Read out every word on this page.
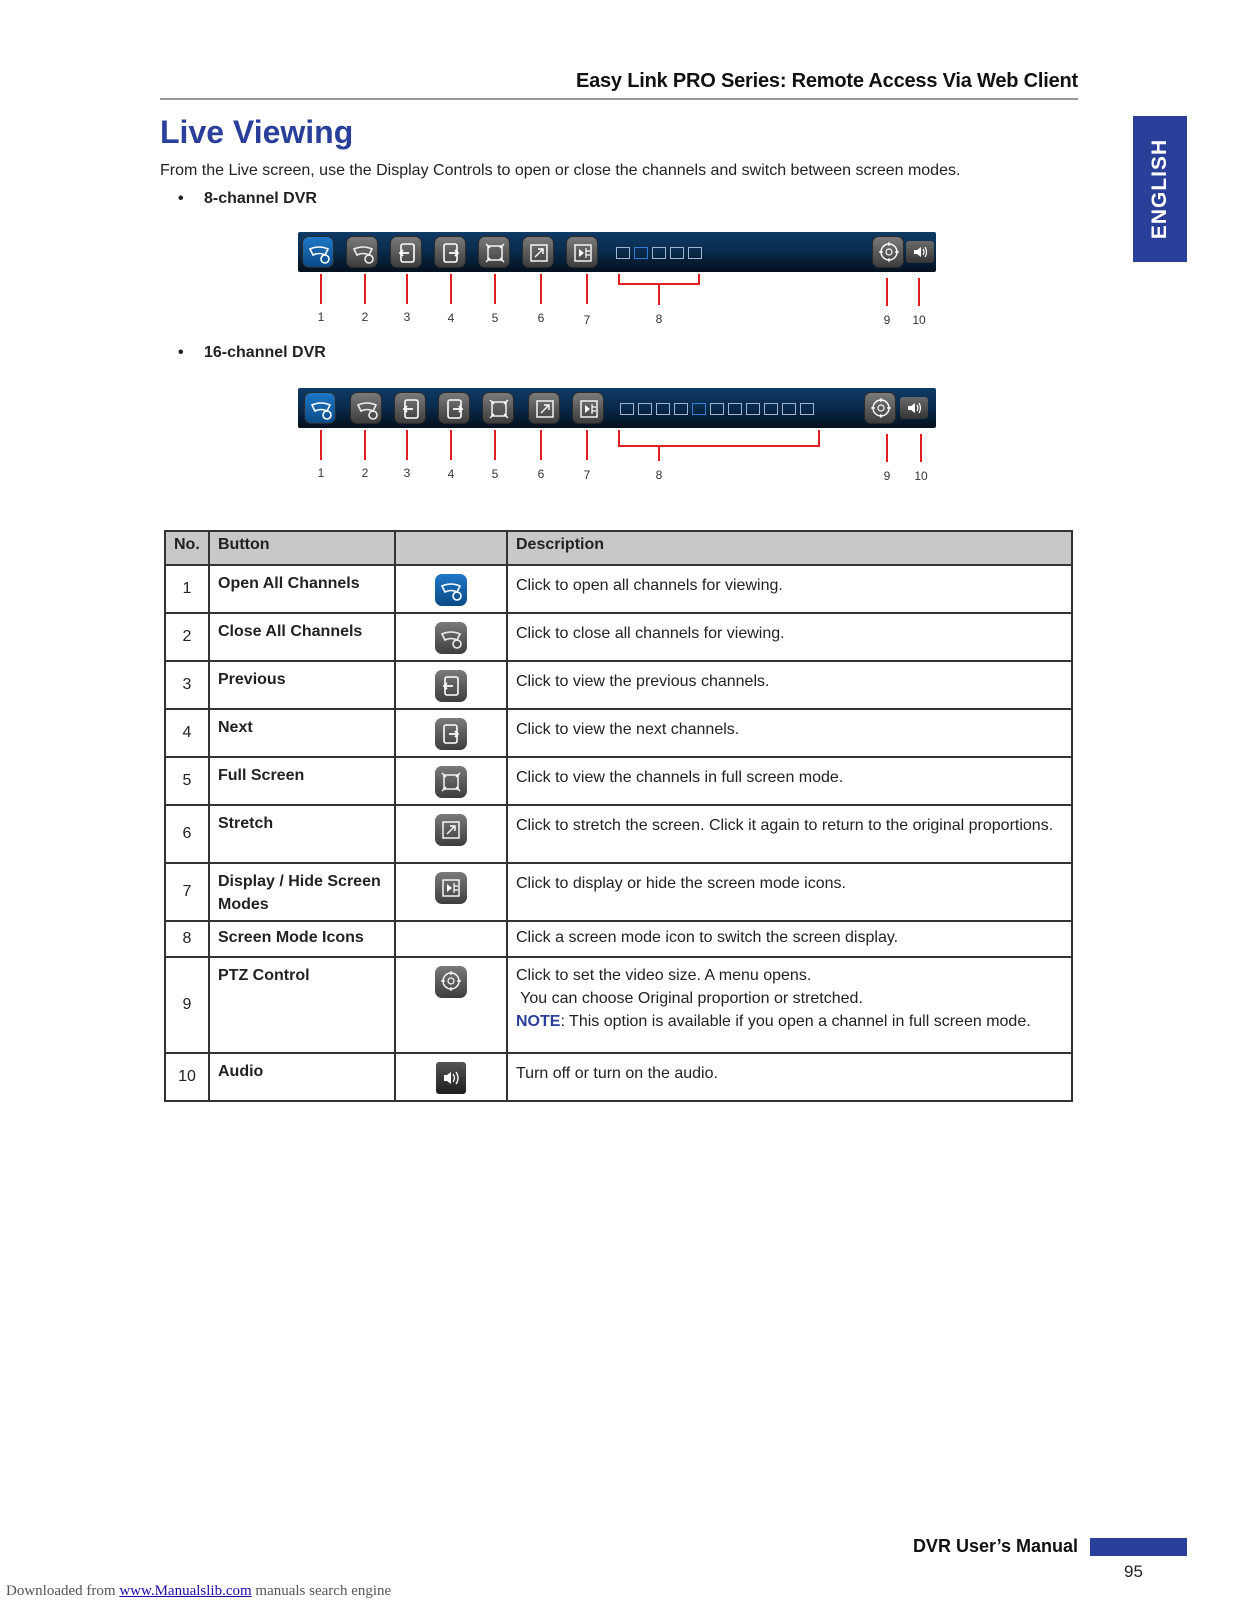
Easy Link PRO Series: Remote Access Via Web Client
ENGLISH
Live Viewing
From the Live screen, use the Display Controls to open or close the channels and switch between screen modes.
• 8-channel DVR
1	2	3	4	5	6	7	8	9	10
• 16-channel DVR
1	2	3	4	5	6	7	8	9	10
No.	Button		Description
1	Open All Channels		Click to open all channels for viewing.
2	Close All Channels		Click to close all channels for viewing.
3	Previous		Click to view the previous channels.
4	Next		Click to view the next channels.
5	Full Screen		Click to view the channels in full screen mode.
6	Stretch		Click to stretch the screen. Click it again to return to the original proportions.
7	Display / Hide Screen Modes		Click to display or hide the screen mode icons.
8	Screen Mode Icons		Click a screen mode icon to switch the screen display.
9	PTZ Control		Click to set the video size. A menu opens.
You can choose Original proportion or stretched.
NOTE: This option is available if you open a channel in full screen mode.

10	Audio		Turn off or turn on the audio.
DVR User’s Manual
95
Downloaded from www.Manualslib.com manuals search engine
